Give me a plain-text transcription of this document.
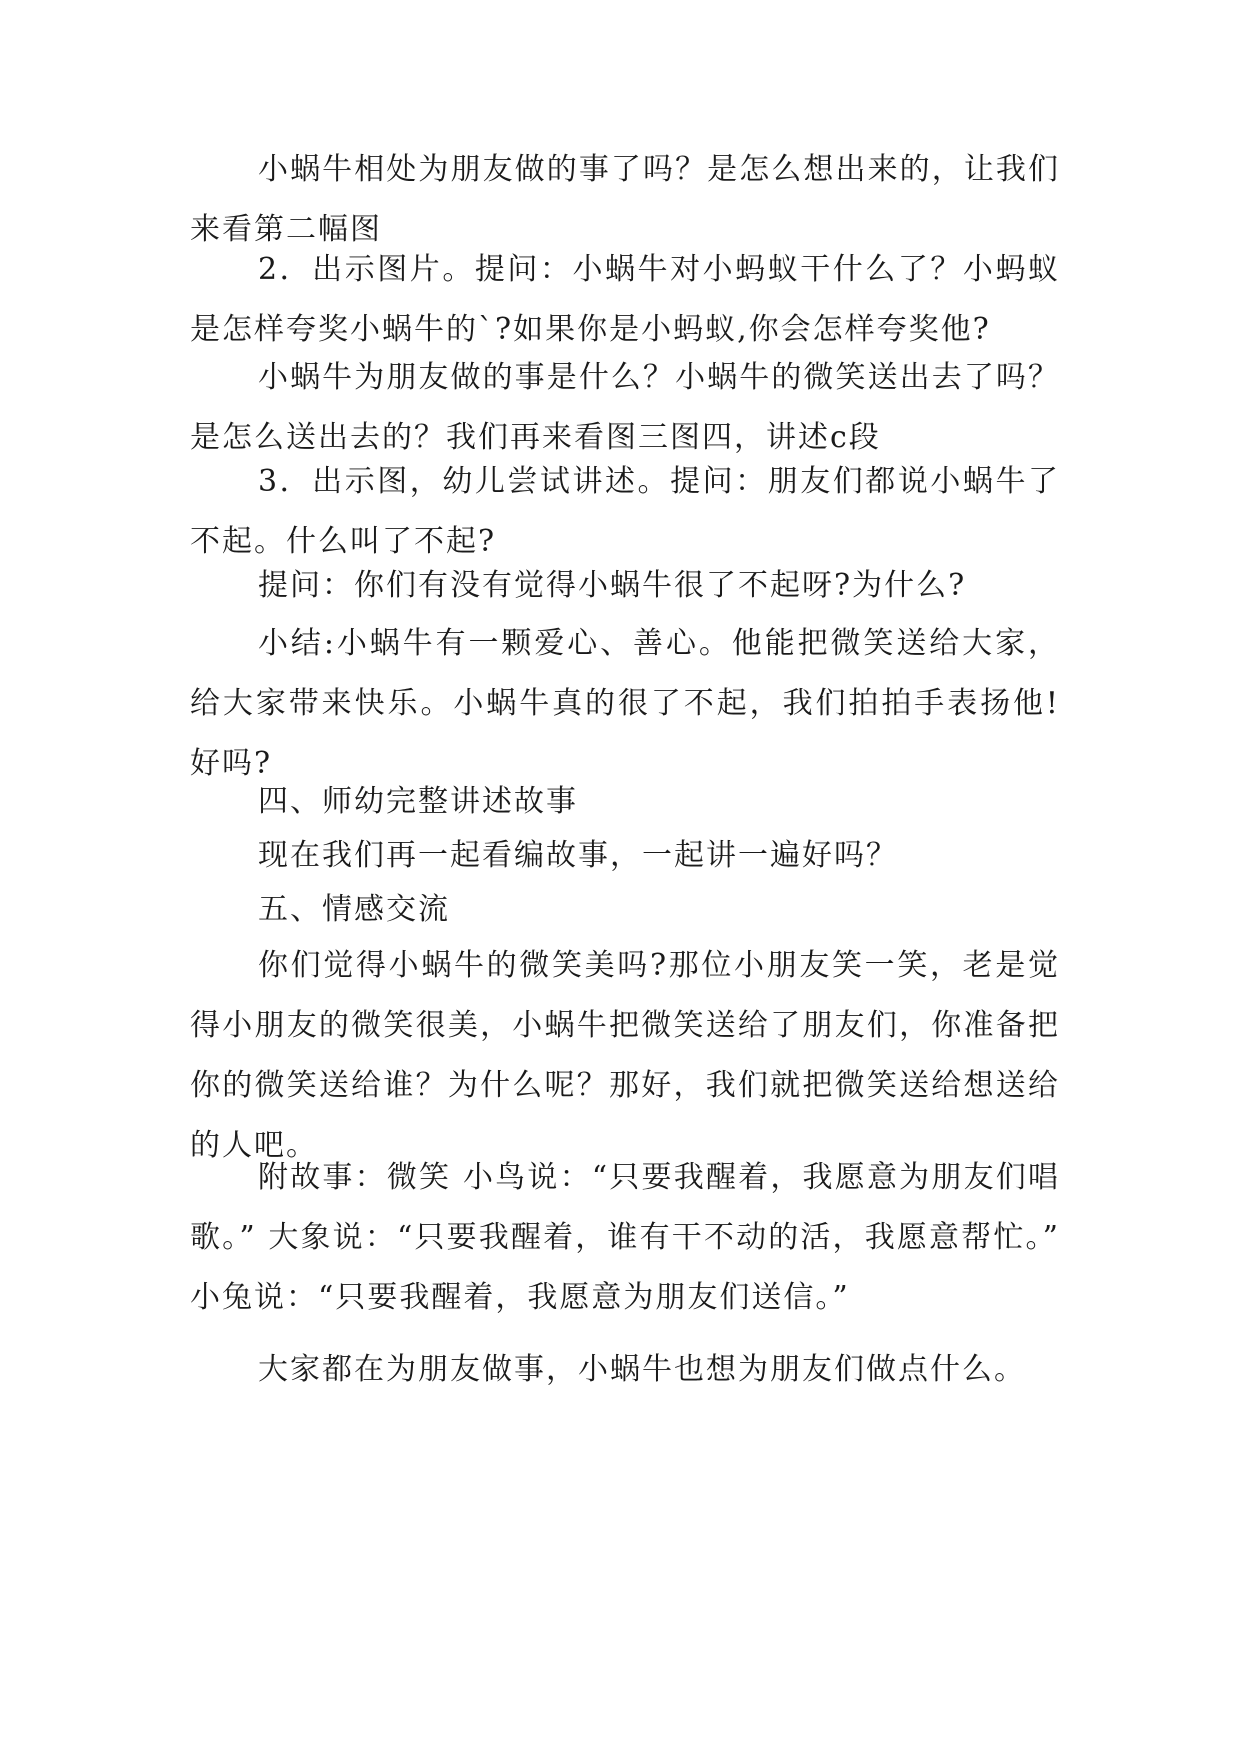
小蜗牛相处为朋友做的事了吗？是怎么想出来的，让我们来看第二幅图

2．出示图片。提问：小蜗牛对小蚂蚁干什么了？小蚂蚁是怎样夸奖小蜗牛的`?如果你是小蚂蚁,你会怎样夸奖他?

小蜗牛为朋友做的事是什么？小蜗牛的微笑送出去了吗？是怎么送出去的？我们再来看图三图四，讲述c段

3．出示图，幼儿尝试讲述。提问：朋友们都说小蜗牛了不起。什么叫了不起?

提问：你们有没有觉得小蜗牛很了不起呀?为什么?

小结:小蜗牛有一颗爱心、善心。他能把微笑送给大家，给大家带来快乐。小蜗牛真的很了不起，我们拍拍手表扬他!好吗?

四、师幼完整讲述故事

现在我们再一起看编故事，一起讲一遍好吗？

五、情感交流

你们觉得小蜗牛的微笑美吗?那位小朋友笑一笑，老是觉得小朋友的微笑很美，小蜗牛把微笑送给了朋友们，你准备把你的微笑送给谁？为什么呢？那好，我们就把微笑送给想送给的人吧。

附故事：微笑 小鸟说：“只要我醒着，我愿意为朋友们唱歌。” 大象说：“只要我醒着，谁有干不动的活，我愿意帮忙。” 小兔说：“只要我醒着，我愿意为朋友们送信。”

大家都在为朋友做事，小蜗牛也想为朋友们做点什么。
